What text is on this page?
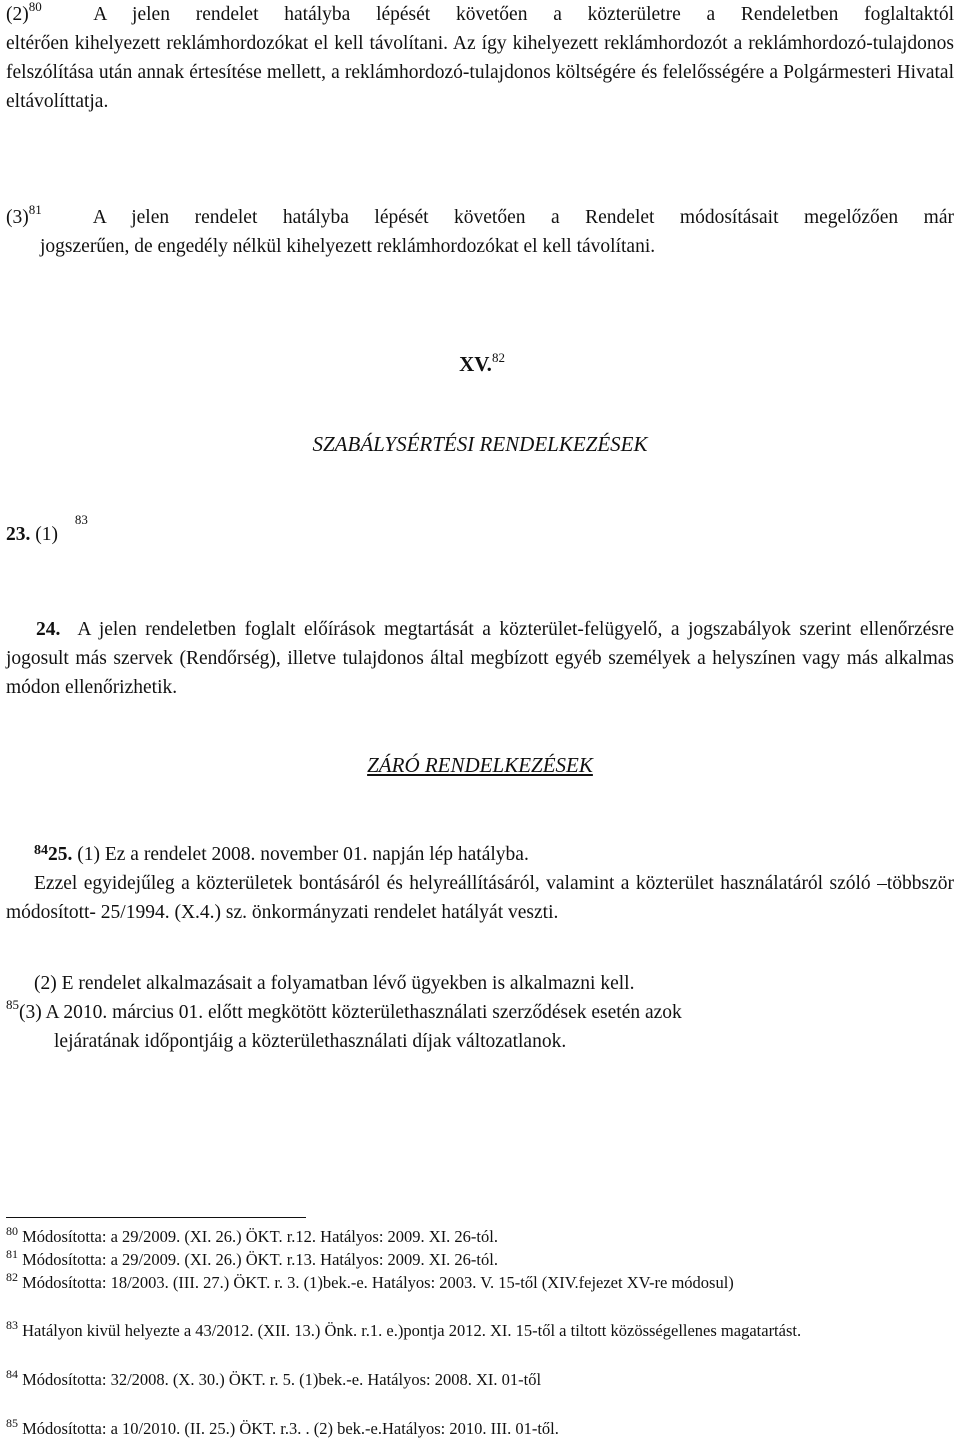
$(2)^{80}$	A jelen rendelet hatályba lépését követően a közterületre a Rendeletben foglaltaktól
eltérően kihelyezett reklámhordozókat el kell távolítani. Az így kihelyezett reklámhordozót a reklámhordozó-tulajdonos felszólítása után annak értesítése mellett, a reklámhordozó-tulajdonos költségére és felelősségére a Polgármesteri Hivatal eltávolíttatja.
$(3)^{81}$	A jelen rendelet hatályba lépését követően a Rendelet módosításait megelőzően már
jogszerűen, de engedély nélkül kihelyezett reklámhordozókat el kell távolítani.
XV.$^{82}$
SZABÁLYSÉRTÉSI RENDELKEZÉSEK
23. (1) $^{83}$
24. A jelen rendeletben foglalt előírások megtartását a közterület-felügyelő, a jogszabályok szerint ellenőrzésre jogosult más szervek (Rendőrség), illetve tulajdonos által megbízott egyéb személyek a helyszínen vagy más alkalmas módon ellenőrizhetik.
ZÁRÓ RENDELKEZÉSEK
$^{84}$25. (1) Ez a rendelet 2008. november 01. napján lép hatályba.
Ezzel egyidejűleg a közterületek bontásáról és helyreállításáról, valamint a közterület használatáról szóló –többször módosított- 25/1994. (X.4.) sz. önkormányzati rendelet hatályát veszti.
(2) E rendelet alkalmazásait a folyamatban lévő ügyekben is alkalmazni kell.
$^{85}$(3) A 2010. március 01. előtt megkötött közterülethasználati szerződések esetén azok
lejáratának időpontjáig a közterülethasználati díjak változatlanok.
$^{80}$ Módosította: a 29/2009. (XI. 26.) ÖKT. r.12. Hatályos: 2009. XI. 26-tól.
$^{81}$ Módosította: a 29/2009. (XI. 26.) ÖKT. r.13. Hatályos: 2009. XI. 26-tól.
$^{82}$ Módosította: 18/2003. (III. 27.) ÖKT. r. 3. (1)bek.-e. Hatályos: 2003. V. 15-től (XIV.fejezet XV-re módosul)
$^{83}$ Hatályon kivül helyezte a 43/2012. (XII. 13.) Önk. r.1. e.)pontja 2012. XI. 15-től a tiltott közösségellenes magatartást.
$^{84}$ Módosította: 32/2008. (X. 30.) ÖKT. r. 5. (1)bek.-e. Hatályos: 2008. XI. 01-től
$^{85}$ Módosította: a 10/2010. (II. 25.) ÖKT. r.3. . (2) bek.-e.Hatályos: 2010. III. 01-től.
